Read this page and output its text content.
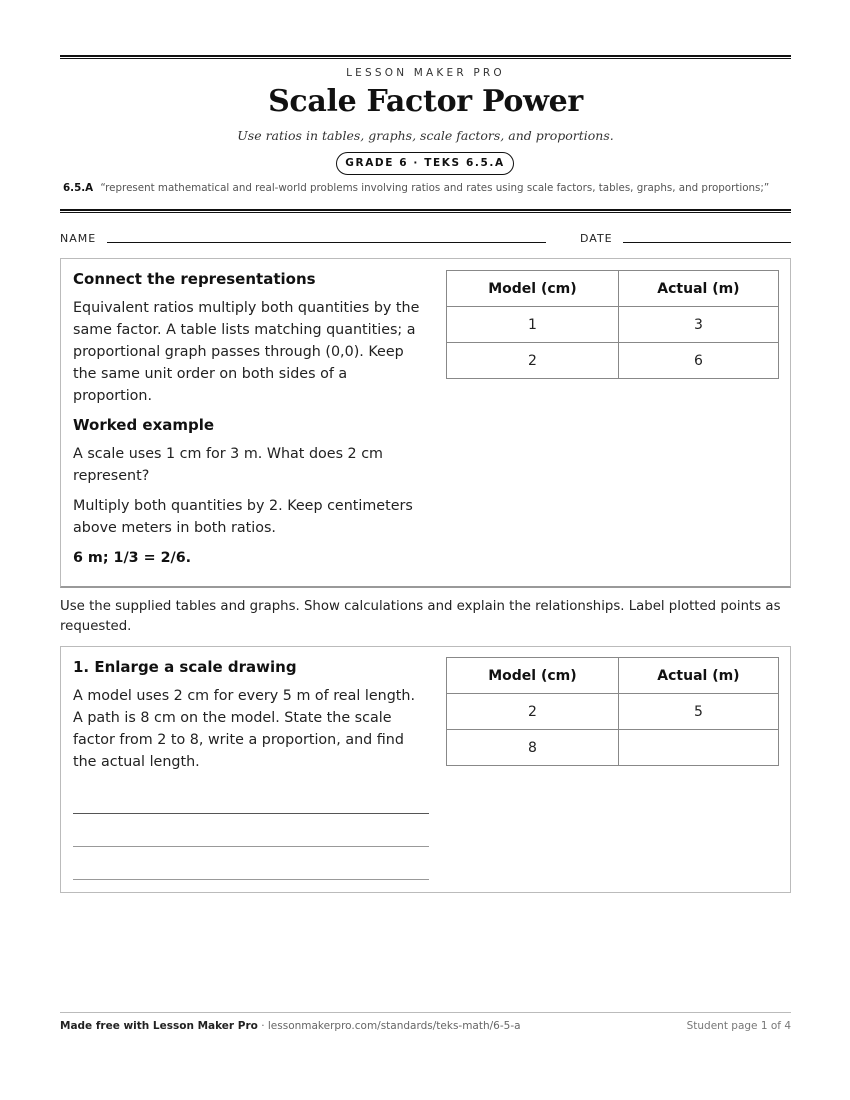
LESSON MAKER PRO
Scale Factor Power
Use ratios in tables, graphs, scale factors, and proportions.
GRADE 6 · TEKS 6.5.A
6.5.A “represent mathematical and real-world problems involving ratios and rates using scale factors, tables, graphs, and proportions;”
NAME	DATE
Connect the representations
Equivalent ratios multiply both quantities by the same factor. A table lists matching quantities; a proportional graph passes through (0,0). Keep the same unit order on both sides of a proportion.
Worked example
A scale uses 1 cm for 3 m. What does 2 cm represent?
Multiply both quantities by 2. Keep centimeters above meters in both ratios.
6 m; 1/3 = 2/6.
Model (cm)	Actual (m)
1	3
2	6
Use the supplied tables and graphs. Show calculations and explain the relationships. Label plotted points as requested.
1. Enlarge a scale drawing
A model uses 2 cm for every 5 m of real length. A path is 8 cm on the model. State the scale factor from 2 to 8, write a proportion, and find the actual length.
Model (cm)	Actual (m)
2	5
8	
Made free with Lesson Maker Pro · lessonmakerpro.com/standards/teks-math/6-5-a	Student page 1 of 4
